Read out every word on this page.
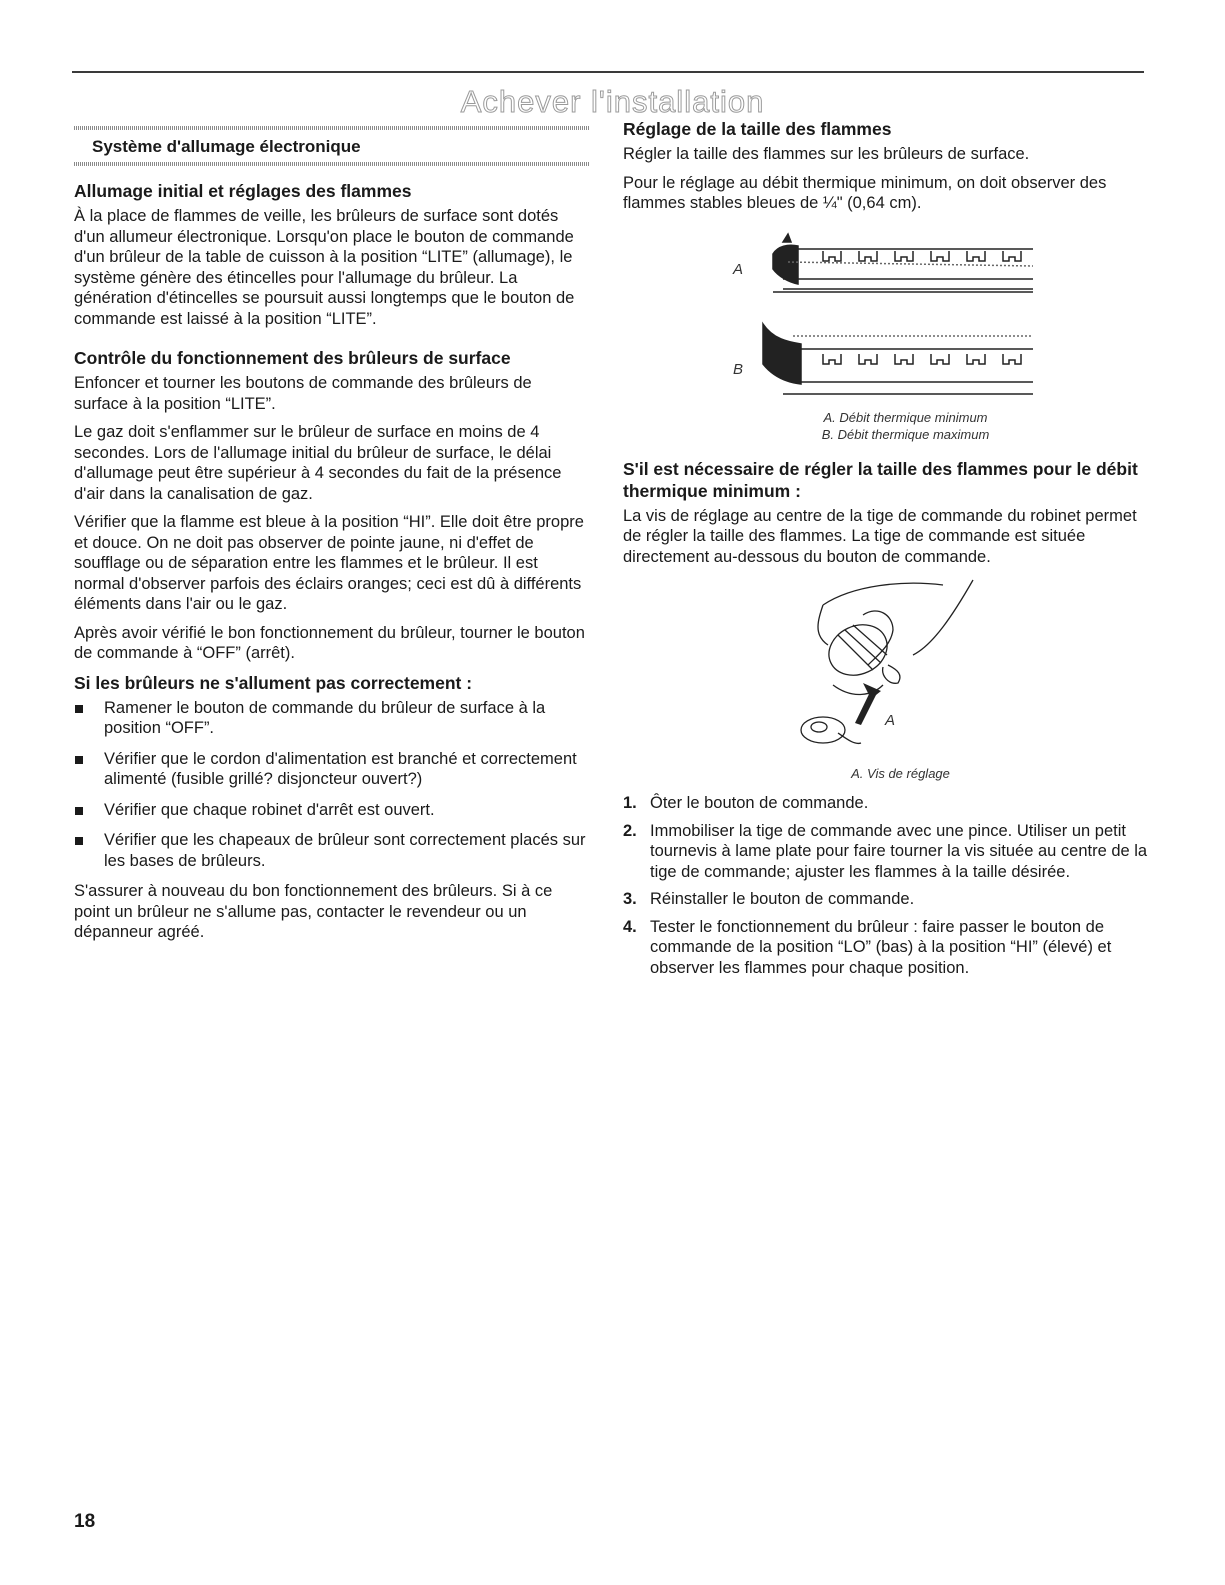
Achever l'installation
Système d'allumage électronique
Allumage initial et réglages des flammes

À la place de flammes de veille, les brûleurs de surface sont dotés d'un allumeur électronique. Lorsqu'on place le bouton de commande d'un brûleur de la table de cuisson à la position “LITE” (allumage), le système génère des étincelles pour l'allumage du brûleur. La génération d'étincelles se poursuit aussi longtemps que le bouton de commande est laissé à la position “LITE”.

Contrôle du fonctionnement des brûleurs de surface

Enfoncer et tourner les boutons de commande des brûleurs de surface à la position “LITE”.

Le gaz doit s'enflammer sur le brûleur de surface en moins de 4 secondes. Lors de l'allumage initial du brûleur de surface, le délai d'allumage peut être supérieur à 4 secondes du fait de la présence d'air dans la canalisation de gaz.

Vérifier que la flamme est bleue à la position “HI”. Elle doit être propre et douce. On ne doit pas observer de pointe jaune, ni d'effet de soufflage ou de séparation entre les flammes et le brûleur. Il est normal d'observer parfois des éclairs oranges; ceci est dû à différents éléments dans l'air ou le gaz.

Après avoir vérifié le bon fonctionnement du brûleur, tourner le bouton de commande à “OFF” (arrêt).

Si les brûleurs ne s'allument pas correctement :
Ramener le bouton de commande du brûleur de surface à la position “OFF”.
Vérifier que le cordon d'alimentation est branché et correctement alimenté (fusible grillé? disjoncteur ouvert?)
Vérifier que chaque robinet d'arrêt est ouvert.
Vérifier que les chapeaux de brûleur sont correctement placés sur les bases de brûleurs.

S'assurer à nouveau du bon fonctionnement des brûleurs. Si à ce point un brûleur ne s'allume pas, contacter le revendeur ou un dépanneur agréé.

Réglage de la taille des flammes

Régler la taille des flammes sur les brûleurs de surface.

Pour le réglage au débit thermique minimum, on doit observer des flammes stables bleues de ¼" (0,64 cm).

A
B
A. Débit thermique minimum
B. Débit thermique maximum
S'il est nécessaire de régler la taille des flammes pour le débit thermique minimum :

La vis de réglage au centre de la tige de commande du robinet permet de régler la taille des flammes. La tige de commande est située directement au-dessous du bouton de commande.

A
A. Vis de réglage
1. Ôter le bouton de commande.
2. Immobiliser la tige de commande avec une pince. Utiliser un petit tournevis à lame plate pour faire tourner la vis située au centre de la tige de commande; ajuster les flammes à la taille désirée.
3. Réinstaller le bouton de commande.
4. Tester le fonctionnement du brûleur : faire passer le bouton de commande de la position “LO” (bas) à la position “HI” (élevé) et observer les flammes pour chaque position.
18
